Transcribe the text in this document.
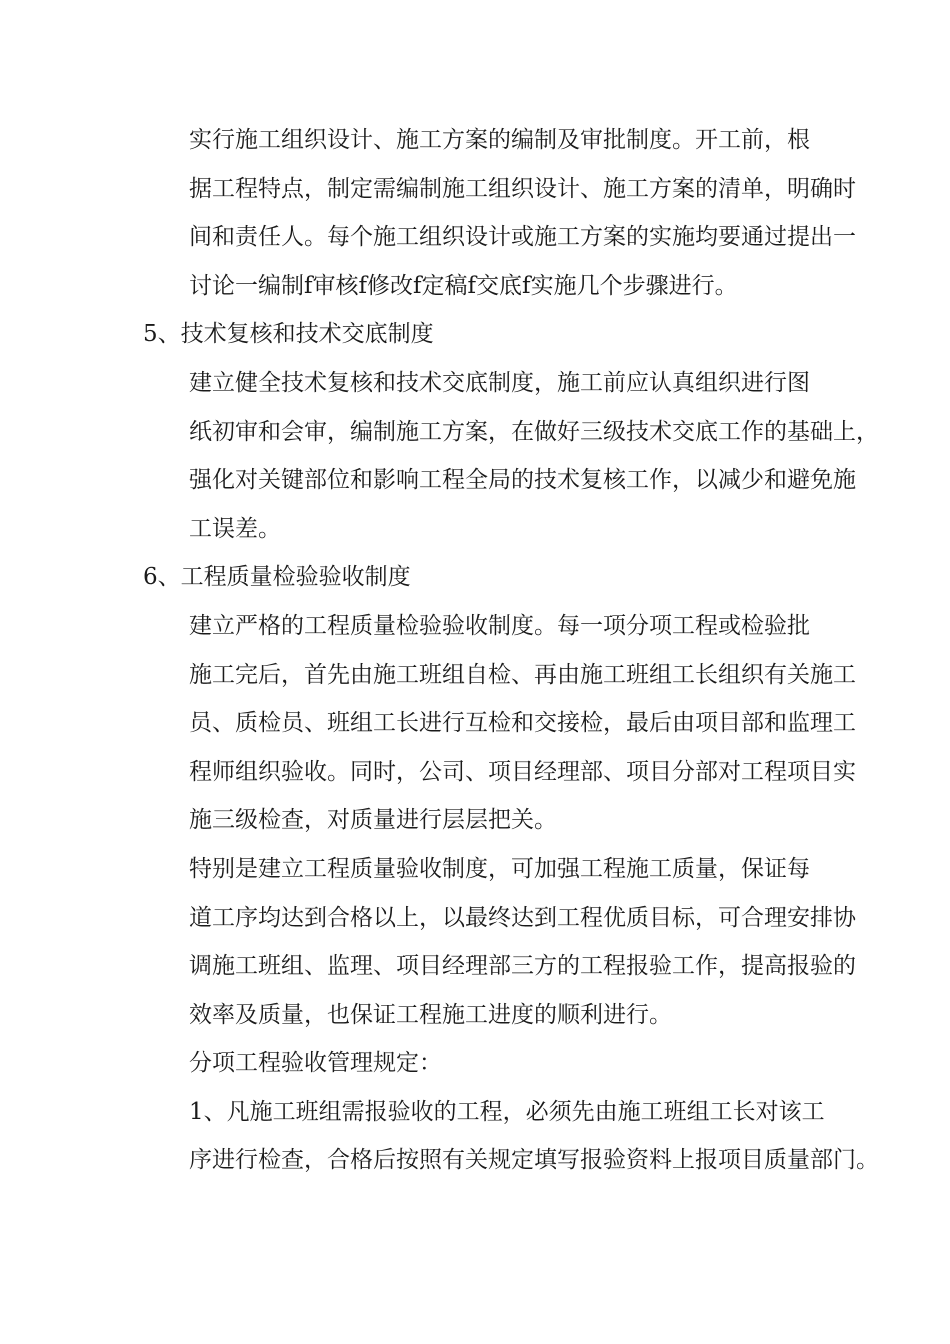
实行施工组织设计、施工方案的编制及审批制度。开工前，根
据工程特点，制定需编制施工组织设计、施工方案的清单，明确时
间和责任人。每个施工组织设计或施工方案的实施均要通过提出一
讨论一编制f审核f修改f定稿f交底f实施几个步骤进行。

5、技术复核和技术交底制度

建立健全技术复核和技术交底制度，施工前应认真组织进行图
纸初审和会审，编制施工方案，在做好三级技术交底工作的基础上，
强化对关键部位和影响工程全局的技术复核工作，以减少和避免施
工误差。

6、工程质量检验验收制度

建立严格的工程质量检验验收制度。每一项分项工程或检验批
施工完后，首先由施工班组自检、再由施工班组工长组织有关施工
员、质检员、班组工长进行互检和交接检，最后由项目部和监理工
程师组织验收。同时，公司、项目经理部、项目分部对工程项目实
施三级检查，对质量进行层层把关。

特别是建立工程质量验收制度，可加强工程施工质量，保证每
道工序均达到合格以上，以最终达到工程优质目标，可合理安排协
调施工班组、监理、项目经理部三方的工程报验工作，提高报验的
效率及质量，也保证工程施工进度的顺利进行。

分项工程验收管理规定：

1、凡施工班组需报验收的工程，必须先由施工班组工长对该工
序进行检查，合格后按照有关规定填写报验资料上报项目质量部门。
